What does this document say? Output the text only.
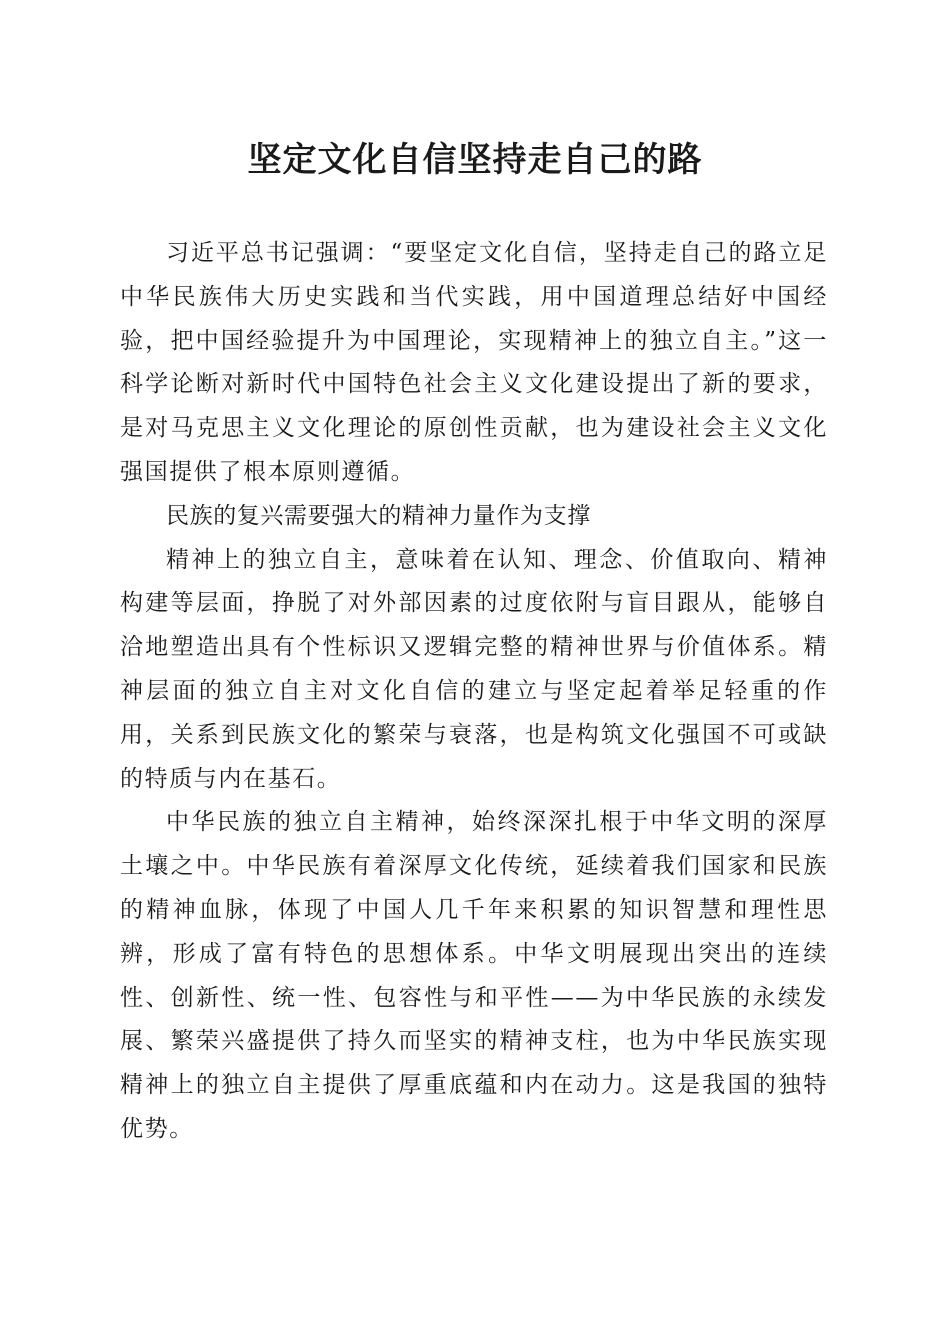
坚定文化自信坚持走自己的路

习近平总书记强调：“要坚定文化自信，坚持走自己的路立足中华民族伟大历史实践和当代实践，用中国道理总结好中国经验，把中国经验提升为中国理论，实现精神上的独立自主。”这一科学论断对新时代中国特色社会主义文化建设提出了新的要求，是对马克思主义文化理论的原创性贡献，也为建设社会主义文化强国提供了根本原则遵循。

民族的复兴需要强大的精神力量作为支撑

精神上的独立自主，意味着在认知、理念、价值取向、精神构建等层面，挣脱了对外部因素的过度依附与盲目跟从，能够自洽地塑造出具有个性标识又逻辑完整的精神世界与价值体系。精神层面的独立自主对文化自信的建立与坚定起着举足轻重的作用，关系到民族文化的繁荣与衰落，也是构筑文化强国不可或缺的特质与内在基石。

中华民族的独立自主精神，始终深深扎根于中华文明的深厚土壤之中。中华民族有着深厚文化传统，延续着我们国家和民族的精神血脉，体现了中国人几千年来积累的知识智慧和理性思辨，形成了富有特色的思想体系。中华文明展现出突出的连续性、创新性、统一性、包容性与和平性——为中华民族的永续发展、繁荣兴盛提供了持久而坚实的精神支柱，也为中华民族实现精神上的独立自主提供了厚重底蕴和内在动力。这是我国的独特优势。
